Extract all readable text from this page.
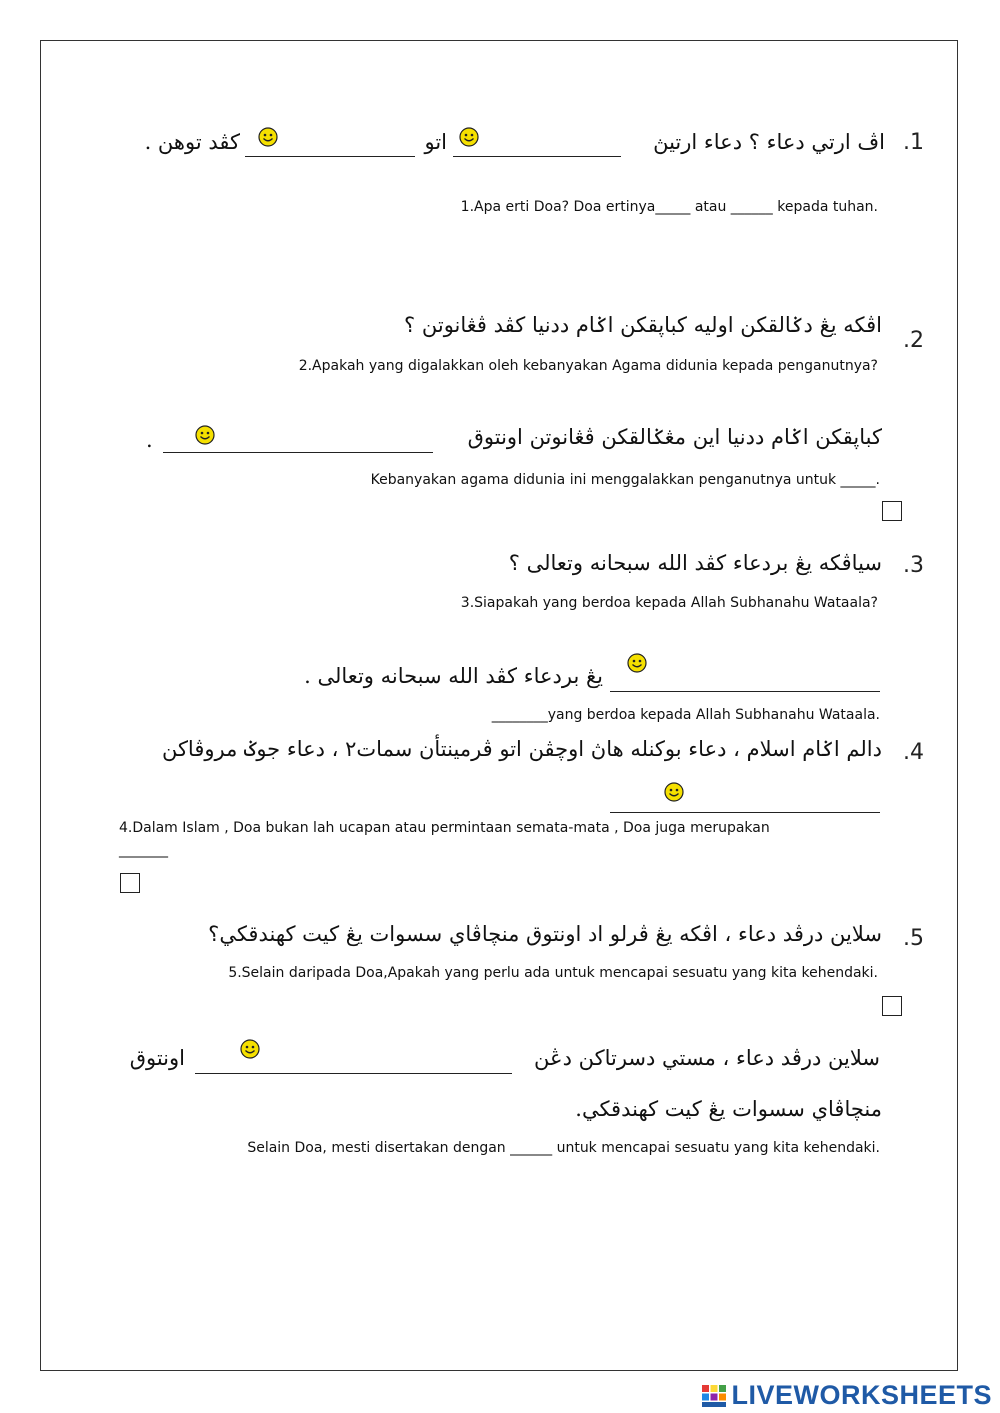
.1
اڤ ارتي دعاء ؟ دعاء ارتيڽ
اتو
كڤد توهن .
1.Apa erti Doa? Doa ertinya_____ atau ______ kepada tuhan.
اڤكه يڠ دݢالقكن اوليه كباڽقكن اݢام ددنيا كڤد ڤڠانوتن ؟
.2
2.Apakah yang digalakkan oleh kebanyakan Agama didunia kepada penganutnya?
كباڽقكن اݢام ددنيا اين مڠݢالقكن ڤڠانوتن اونتوق
.
Kebanyakan agama didunia ini menggalakkan penganutnya untuk _____.
.3
سياڤكه يڠ بردعاء كڤد الله سبحانه وتعالى ؟
3.Siapakah yang berdoa kepada Allah Subhanahu Wataala?
يڠ بردعاء كڤد الله سبحانه وتعالى .
________yang berdoa kepada Allah Subhanahu Wataala.
.4
دالم اݢام اسلام ، دعاء بوكنله هاڽ اوچڤن اتو ڤرمينتأن سمات٢ ، دعاء جوݢ مروڤاكن
4.Dalam Islam , Doa bukan lah ucapan atau permintaan semata-mata , Doa juga merupakan
_______
.5
سلاين درڤد دعاء ، اڤكه يڠ ڤرلو اد اونتوق منچاڤاي سسوات يڠ كيت كهندقكي؟
5.Selain daripada Doa,Apakah yang perlu ada untuk mencapai sesuatu yang kita kehendaki.
سلاين درڤد دعاء ، مستي دسرتاكن دڠن
اونتوق
منچاڤاي سسوات يڠ كيت كهندقكي.
Selain Doa, mesti disertakan dengan ______ untuk mencapai sesuatu yang kita kehendaki.
LIVEWORKSHEETS
